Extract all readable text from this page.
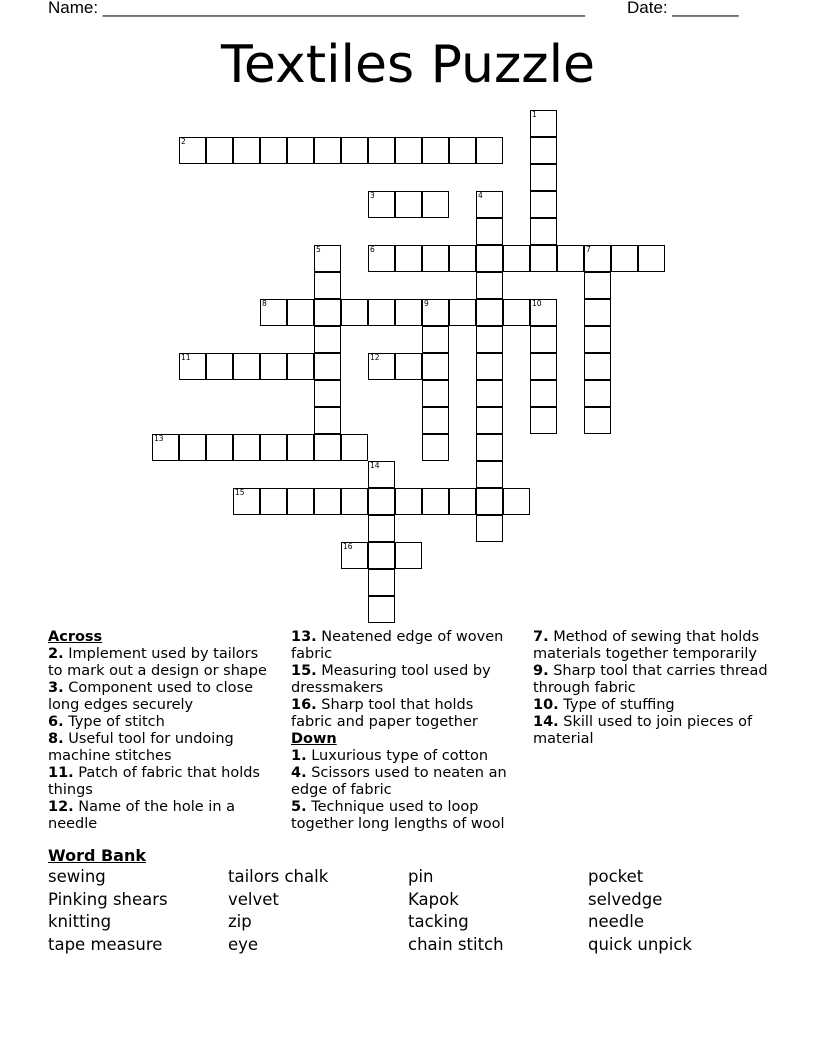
Name: ___________________________________________________ Date: _______
Textiles Puzzle
2
3
6	7
8	9	10
11	12
13
15
16
1
4
5
14
Across
2. Implement used by tailors to mark out a design or shape
3. Component used to close long edges securely
6. Type of stitch
8. Useful tool for undoing machine stitches
11. Patch of fabric that holds things
12. Name of the hole in a needle
13. Neatened edge of woven fabric
15. Measuring tool used by dressmakers
16. Sharp tool that holds fabric and paper together
Down
1. Luxurious type of cotton
4. Scissors used to neaten an edge of fabric
5. Technique used to loop together long lengths of wool
7. Method of sewing that holds materials together temporarily
9. Sharp tool that carries thread through fabric
10. Type of stuffing
14. Skill used to join pieces of material
Word Bank
sewing	tailors chalk	pin	pocket
Pinking shears	velvet	Kapok	selvedge
knitting	zip	tacking	needle
tape measure	eye	chain stitch	quick unpick
